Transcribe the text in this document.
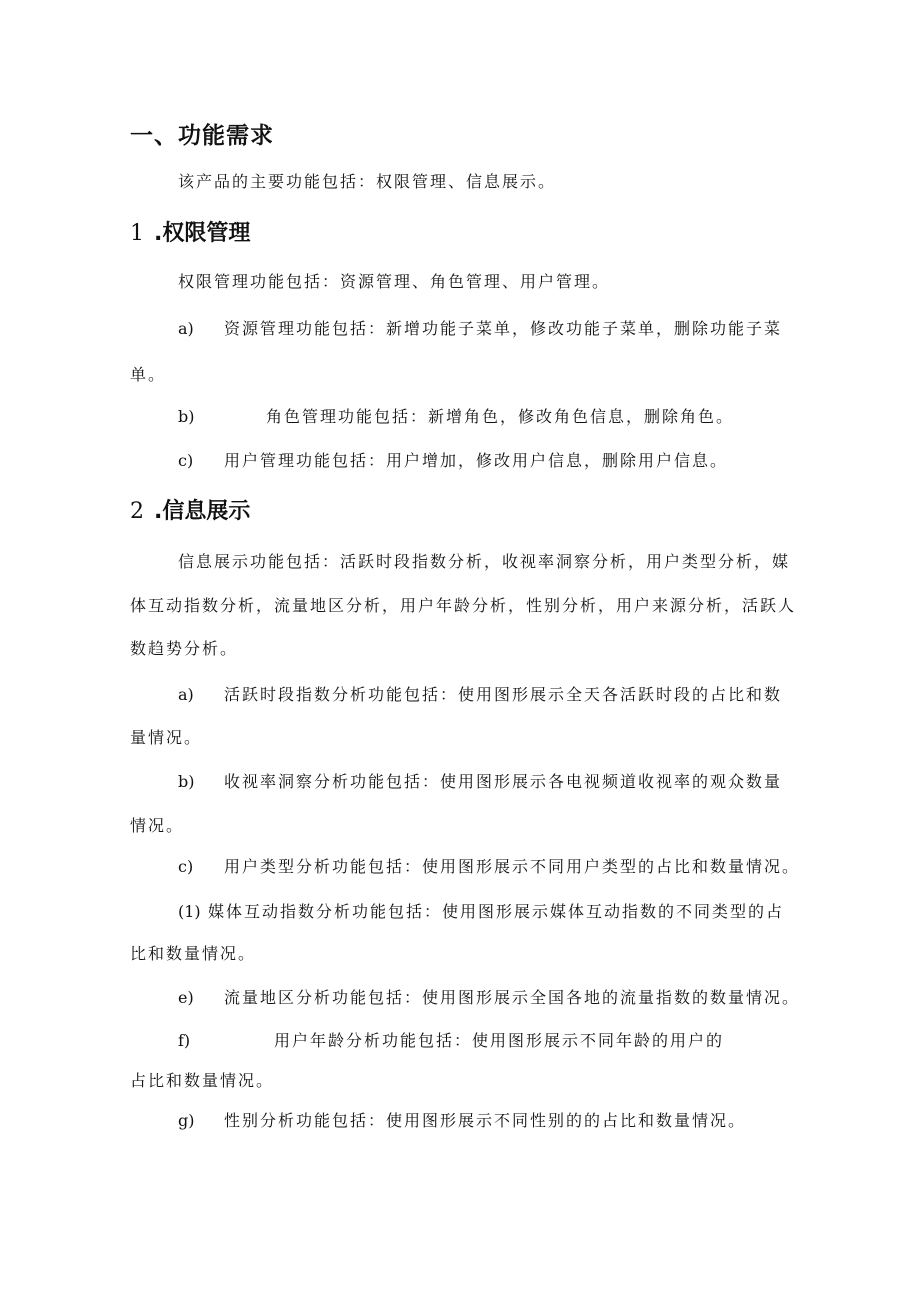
一、功能需求
该产品的主要功能包括：权限管理、信息展示。
1 .权限管理
权限管理功能包括：资源管理、角色管理、用户管理。
a) 资源管理功能包括：新增功能子菜单，修改功能子菜单，删除功能子菜
单。
b)	角色管理功能包括：新增角色，修改角色信息，删除角色。
c) 用户管理功能包括：用户增加，修改用户信息，删除用户信息。
2 .信息展示
信息展示功能包括：活跃时段指数分析，收视率洞察分析，用户类型分析，媒
体互动指数分析，流量地区分析，用户年龄分析，性别分析，用户来源分析，活跃人
数趋势分析。
a) 活跃时段指数分析功能包括：使用图形展示全天各活跃时段的占比和数
量情况。
b) 收视率洞察分析功能包括：使用图形展示各电视频道收视率的观众数量
情况。
c) 用户类型分析功能包括：使用图形展示不同用户类型的占比和数量情况。
(1) 媒体互动指数分析功能包括：使用图形展示媒体互动指数的不同类型的占
比和数量情况。
e) 流量地区分析功能包括：使用图形展示全国各地的流量指数的数量情况。
f)	用户年龄分析功能包括：使用图形展示不同年龄的用户的
占比和数量情况。
g) 性别分析功能包括：使用图形展示不同性别的的占比和数量情况。
